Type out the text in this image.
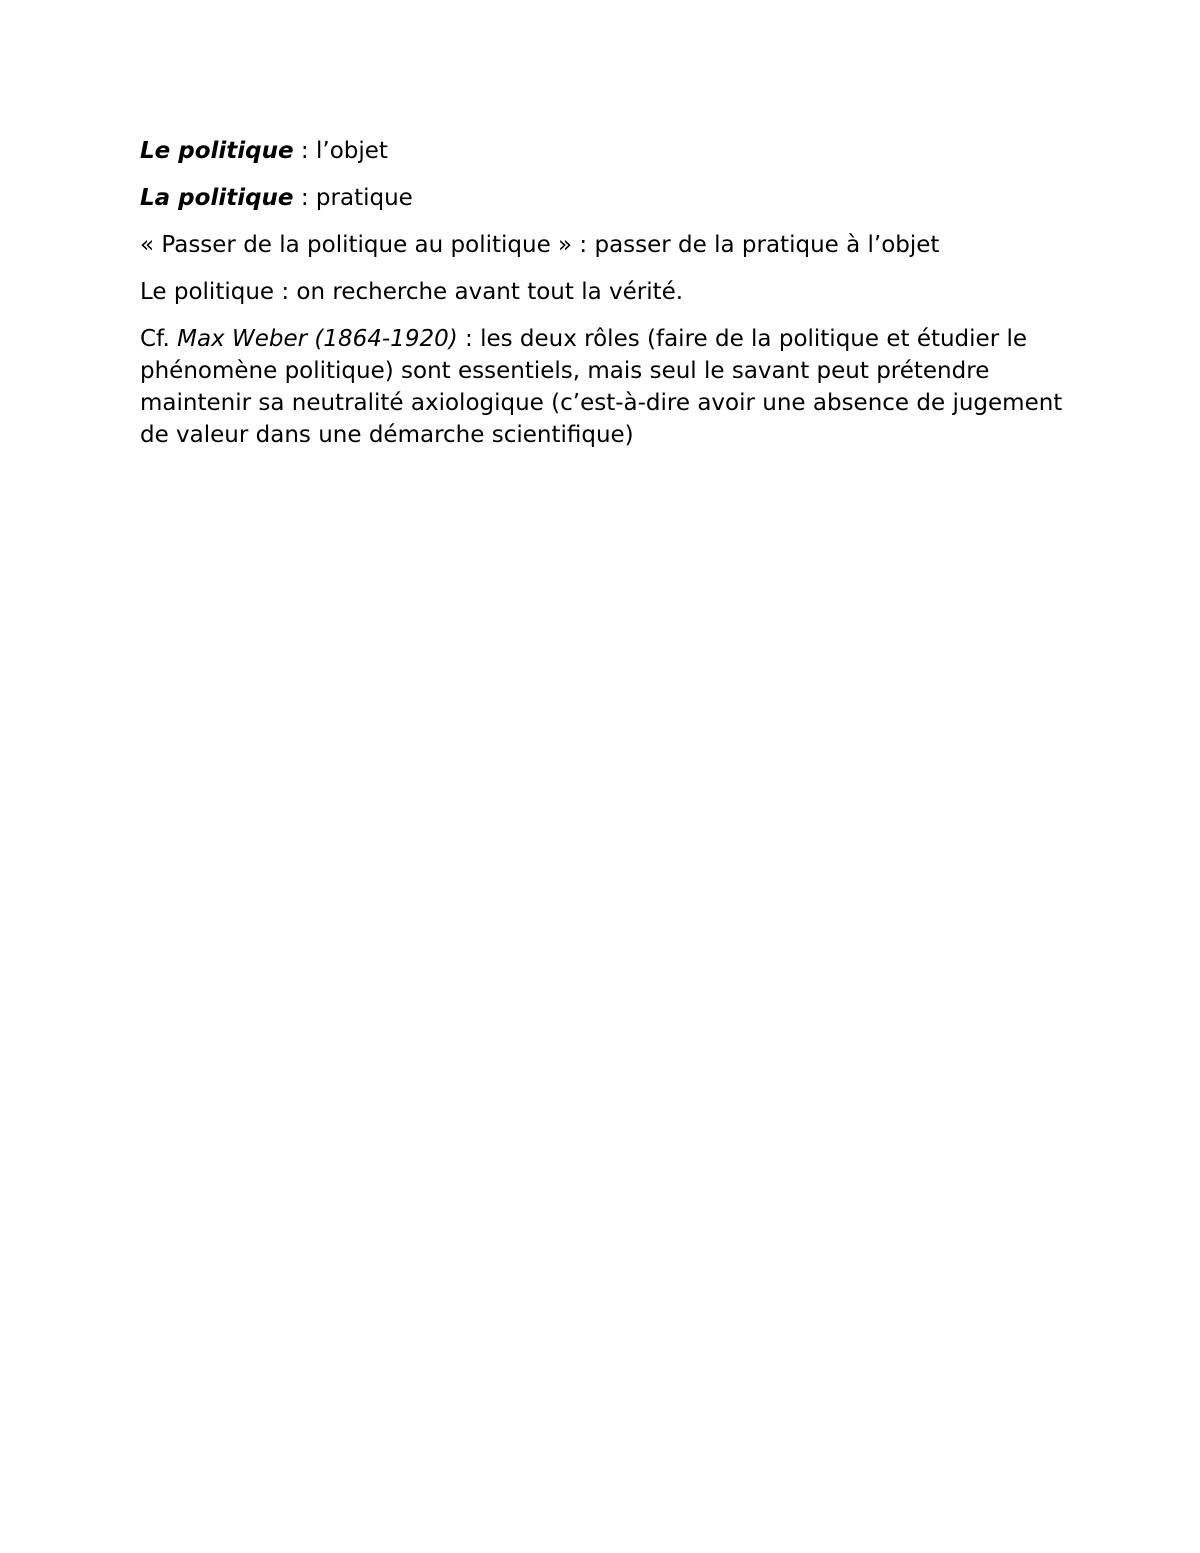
Le politique : l’objet

La politique : pratique

« Passer de la politique au politique » : passer de la pratique à l’objet

Le politique : on recherche avant tout la vérité.

Cf. Max Weber (1864-1920) : les deux rôles (faire de la politique et étudier le phénomène politique) sont essentiels, mais seul le savant peut prétendre maintenir sa neutralité axiologique (c’est-à-dire avoir une absence de jugement de valeur dans une démarche scientifique)
